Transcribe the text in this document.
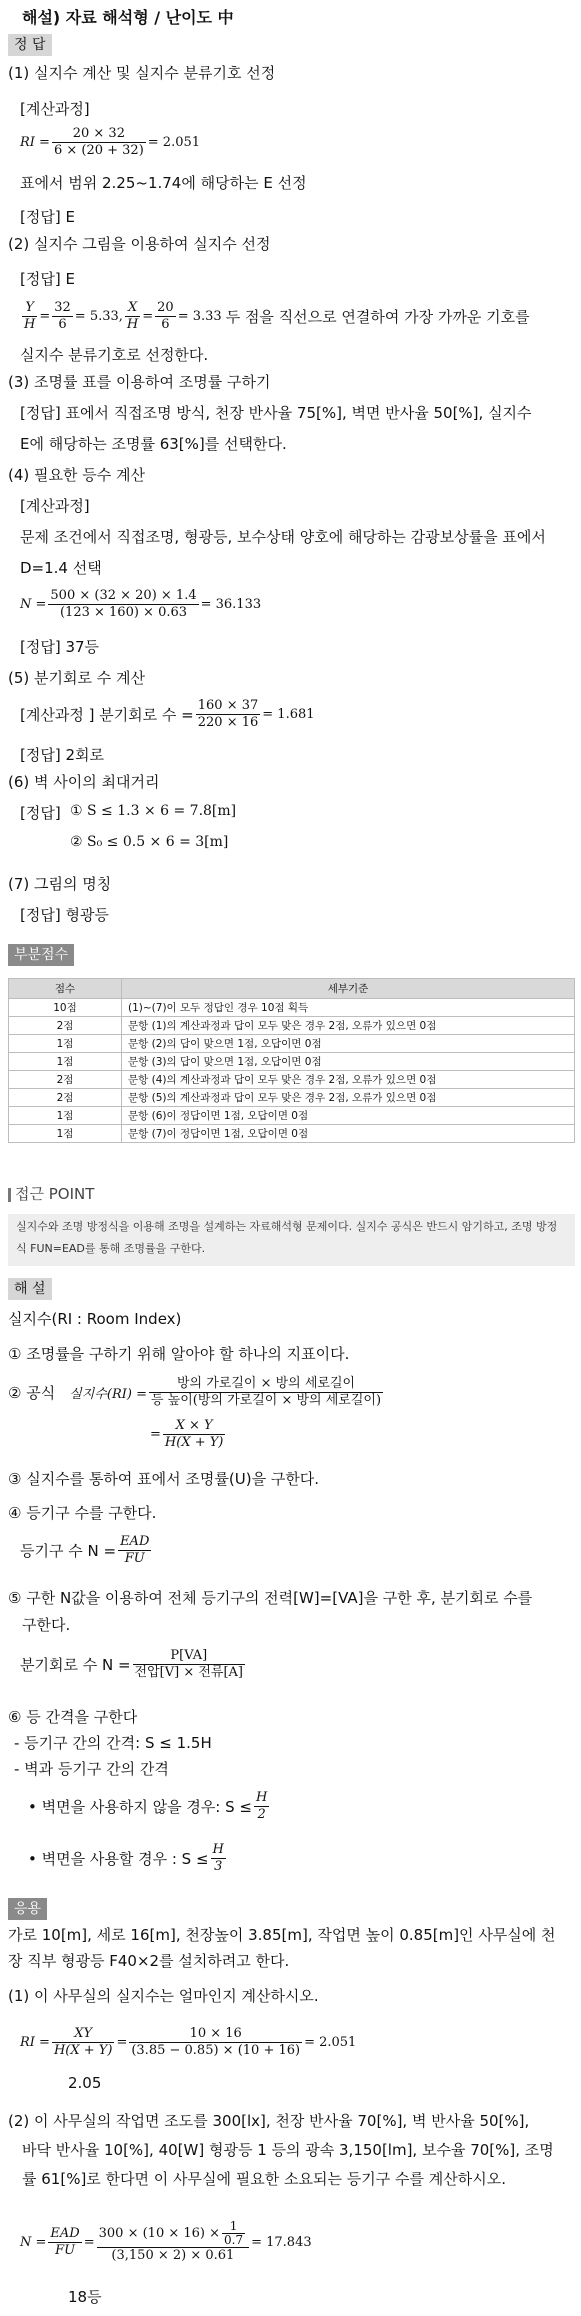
해설) 자료 해석형 / 난이도 中
정 답
(1) 실지수 계산 및 실지수 분류기호 선정
[계산과정]
RI = $\frac{20 \times 32}{6 \times (20 + 32)} = 2.051$
표에서 범위 2.25~1.74에 해당하는 E 선정
[정답] E
(2) 실지수 그림을 이용하여 실지수 선정
[정답] E
$\frac{Y}{H} = \frac{32}{6} = 5.33$, $\frac{X}{H} = \frac{20}{6} = 3.33$ 두 점을 직선으로 연결하여 가장 가까운 기호를
실지수 분류기호로 선정한다.
(3) 조명률 표를 이용하여 조명률 구하기
[정답] 표에서 직접조명 방식, 천장 반사율 75[%], 벽면 반사율 50[%], 실지수
E에 해당하는 조명률 63[%]를 선택한다.
(4) 필요한 등수 계산
[계산과정]
문제 조건에서 직접조명, 형광등, 보수상태 양호에 해당하는 감광보상률을 표에서
D=1.4 선택
$N = \frac{500 \times (32 \times 20) \times 1.4}{(123 \times 160) \times 0.63} = 36.133$
[정답] 37등
(5) 분기회로 수 계산
[계산과정 ] 분기회로 수 = $\frac{160 \times 37}{220 \times 16} = 1.681$
[정답] 2회로
(6) 벽 사이의 최대거리
[정답] ① S ≤ 1.3 × 6 = 7.8[m]
② S₀ ≤ 0.5 × 6 = 3[m]
(7) 그림의 명칭
[정답] 형광등
부분점수
점수	세부기준
10점	(1)~(7)이 모두 정답인 경우 10점 획득
2점	문항 (1)의 계산과정과 답이 모두 맞은 경우 2점, 오류가 있으면 0점
1점	문항 (2)의 답이 맞으면 1점, 오답이면 0점
1점	문항 (3)의 답이 맞으면 1점, 오답이면 0점
2점	문항 (4)의 계산과정과 답이 모두 맞은 경우 2점, 오류가 있으면 0점
2점	문항 (5)의 계산과정과 답이 모두 맞은 경우 2점, 오류가 있으면 0점
1점	문항 (6)이 정답이면 1점, 오답이면 0점
1점	문항 (7)이 정답이면 1점, 오답이면 0점
접근 POINT
실지수와 조명 방정식을 이용해 조명을 설계하는 자료해석형 문제이다. 실지수 공식은 반드시 암기하고, 조명 방정식 FUN=EAD를 통해 조명률을 구한다.
해 설
실지수(RI : Room Index)
① 조명률을 구하기 위해 알아야 할 하나의 지표이다.
② 공식 실지수$(RI) = \frac{\text{방의 가로길이 × 방의 세로길이}}{\text{등 높이(방의 가로길이 × 방의 세로길이)}}$
= $\frac{X \times Y}{H(X + Y)}$
③ 실지수를 통하여 표에서 조명률(U)을 구한다.
④ 등기구 수를 구한다.
등기구 수 $N = \frac{\text{EAD}}{FU}$
⑤ 구한 N값을 이용하여 전체 등기구의 전력[W]=[VA]을 구한 후, 분기회로 수를
구한다.
분기회로 수 $N = \frac{P[VA]}{\text{전압[V] × 전류[A]}}$
⑥ 등 간격을 구한다
- 등기구 간의 간격: S ≤ 1.5H
- 벽과 등기구 간의 간격
• 벽면을 사용하지 않을 경우: $S \le \frac{H}{2}$
• 벽면을 사용할 경우 : $S \le \frac{H}{3}$
응용
가로 10[m], 세로 16[m], 천장높이 3.85[m], 작업면 높이 0.85[m]인 사무실에 천
장 직부 형광등 F40×2를 설치하려고 한다.
(1) 이 사무실의 실지수는 얼마인지 계산하시오.
RI = $\frac{XY}{H(X + Y)} = \frac{10 \times 16}{(3.85 - 0.85) \times (10 + 16)} = 2.051$
2.05
(2) 이 사무실의 작업면 조도를 300[lx], 천장 반사율 70[%], 벽 반사율 50[%],
바닥 반사율 10[%], 40[W] 형광등 1 등의 광속 3,150[lm], 보수율 70[%], 조명
률 61[%]로 한다면 이 사무실에 필요한 소요되는 등기구 수를 계산하시오.
$N = \frac{\text{EAD}}{FU} = \frac{300 \times (10 \times 16) \times \frac{1}{0.7}}{(3,150 \times 2) \times 0.61} = 17.843$
18등
